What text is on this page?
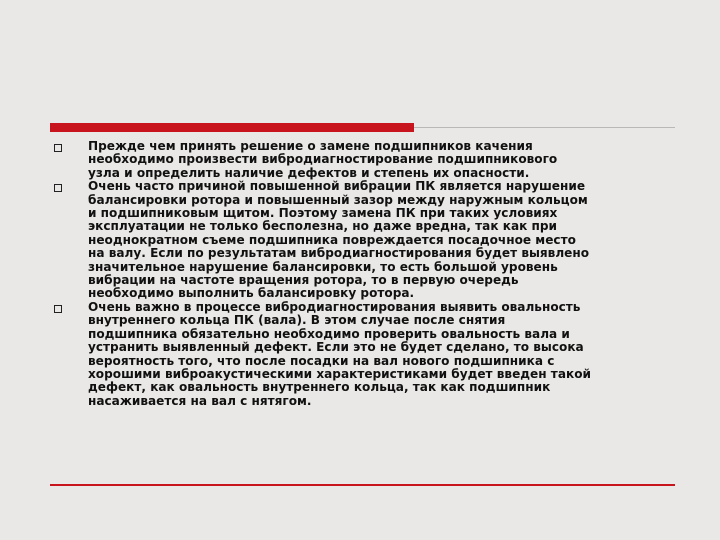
Прежде чем принять решение о замене подшипников качения
необходимо произвести вибродиагностирование подшипникового
узла и определить наличие дефектов и степень их опасности.
Очень часто причиной повышенной вибрации ПК является нарушение
балансировки ротора и повышенный зазор между наружным кольцом
и подшипниковым щитом. Поэтому замена ПК при таких условиях
эксплуатации не только бесполезна, но даже вредна, так как при
неоднократном съеме подшипника повреждается посадочное место
на валу. Если по результатам вибродиагностирования будет выявлено
значительное нарушение балансировки, то есть большой уровень
вибрации на частоте вращения ротора, то в первую очередь
необходимо выполнить балансировку ротора.
Очень важно в процессе вибродиагностирования выявить овальность
внутреннего кольца ПК (вала). В этом случае после снятия
подшипника обязательно необходимо проверить овальность вала и
устранить выявленный дефект. Если это не будет сделано, то высока
вероятность того, что после посадки на вал нового подшипника с
хорошими виброакустическими характеристиками будет введен такой
дефект, как овальность внутреннего кольца, так как подшипник
насаживается на вал с нятягом.
